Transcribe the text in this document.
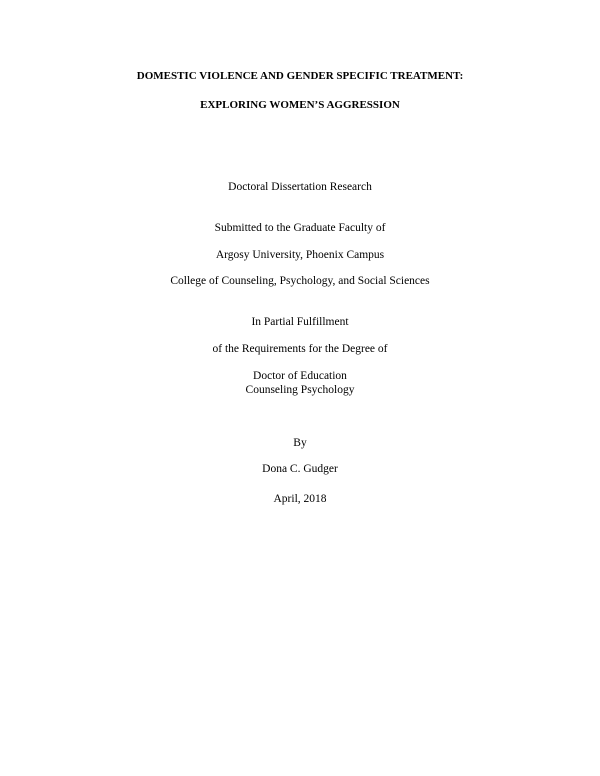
DOMESTIC VIOLENCE AND GENDER SPECIFIC TREATMENT:
EXPLORING WOMEN’S AGGRESSION
Doctoral Dissertation Research
Submitted to the Graduate Faculty of
Argosy University, Phoenix Campus
College of Counseling, Psychology, and Social Sciences
In Partial Fulfillment
of the Requirements for the Degree of
Doctor of Education
Counseling Psychology
By
Dona C. Gudger
April, 2018
